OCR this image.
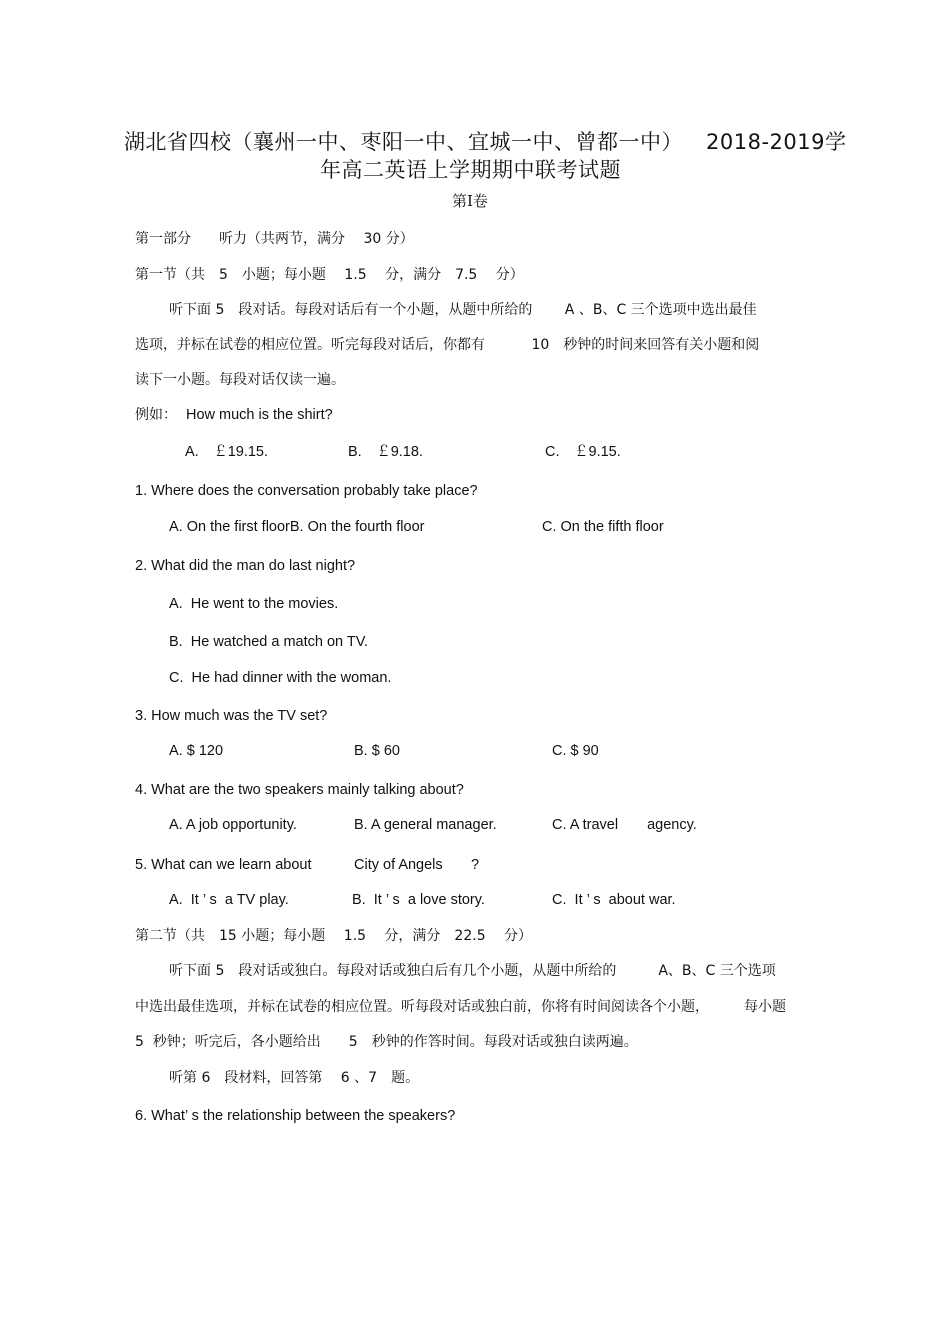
湖北省四校（襄州一中、枣阳一中、宜城一中、曾都一中） 2018-2019学
年高二英语上学期期中联考试题
第Ⅰ卷
第一部分　　听力（共两节，满分　 30 分）
第一节（共　5　小题；每小题　 1.5　 分，满分　7.5　 分）
听下面 5　段对话。每段对话后有一个小题，从题中所给的　　 A 、B、C 三个选项中选出最佳
选项，并标在试卷的相应位置。听完每段对话后，你都有　　　 10　秒钟的时间来回答有关小题和阅
读下一小题。每段对话仅读一遍。
例如： How much is the shirt?
A.　￡19.15.	B.　￡9.18.	C.　￡9.15.
1. Where does the conversation probably take place?
A. On the first floorB. On the fourth floor	C. On the fifth floor
2. What did the man do last night?
A.  He went to the movies.
B.  He watched a match on TV.
C.  He had dinner with the woman.
3. How much was the TV set?
A. $ 120	B. $ 60	C. $ 90
4. What are the two speakers mainly talking about?
A. A job opportunity.	B. A general manager.	C. A travel　　agency.
5. What can we learn about	City of Angels ?
A.  It ’ s  a TV play.	B.  It ’ s  a love story.	C.  It ’ s  about war.
第二节（共　15 小题；每小题　 1.5　 分，满分　22.5　 分）
听下面 5　段对话或独白。每段对话或独白后有几个小题，从题中所给的　　　A、B、C 三个选项
中选出最佳选项，并标在试卷的相应位置。听每段对话或独白前，你将有时间阅读各个小题，　　　每小题
5  秒钟；听完后，各小题给出　　5　秒钟的作答时间。每段对话或独白读两遍。
听第 6　段材料，回答第　 6 、7　题。
6. What’ s the relationship between the speakers?
